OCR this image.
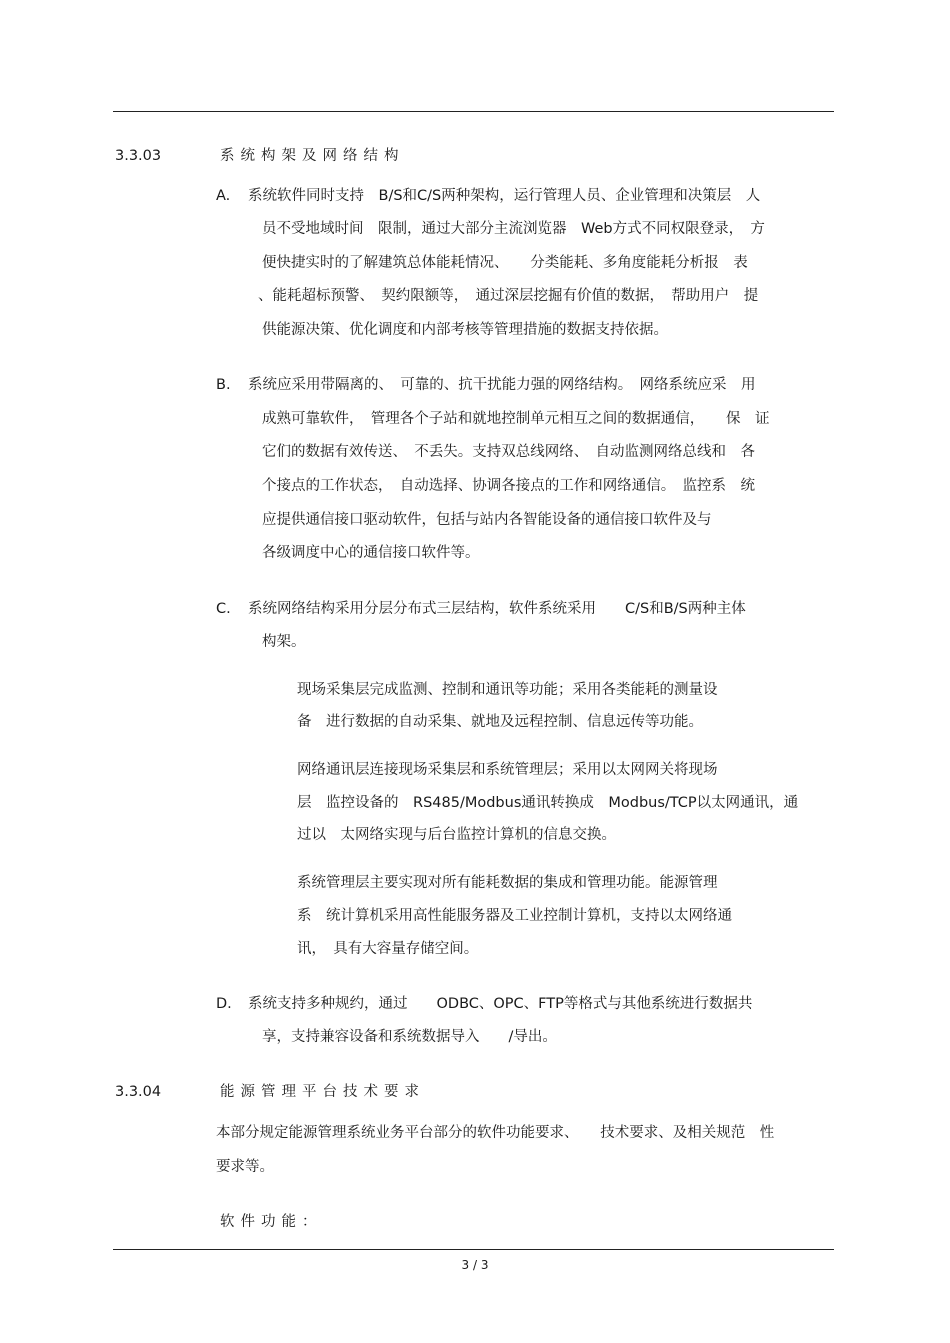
3.3.03	系统构架及网络结构
A. 系统软件同时支持　B/S和C/S两种架构，运行管理人员、企业管理和决策层　人
员不受地域时间　限制，通过大部分主流浏览器　Web方式不同权限登录，　方
便快捷实时的了解建筑总体能耗情况、　　分类能耗、多角度能耗分析报　表
、能耗超标预警、　契约限额等，　通过深层挖掘有价值的数据，　帮助用户　提
供能源决策、优化调度和内部考核等管理措施的数据支持依据。
B. 系统应采用带隔离的、　可靠的、抗干扰能力强的网络结构。　网络系统应采　用
成熟可靠软件，　管理各个子站和就地控制单元相互之间的数据通信，　　保　证
它们的数据有效传送、　不丢失。支持双总线网络、　自动监测网络总线和　各
个接点的工作状态，　自动选择、协调各接点的工作和网络通信。　监控系　统
应提供通信接口驱动软件，包括与站内各智能设备的通信接口软件及与
各级调度中心的通信接口软件等。
C. 系统网络结构采用分层分布式三层结构，软件系统采用　　C/S和B/S两种主体
构架。
现场采集层完成监测、控制和通讯等功能；采用各类能耗的测量设
备　进行数据的自动采集、就地及远程控制、信息远传等功能。
网络通讯层连接现场采集层和系统管理层；采用以太网网关将现场
层　监控设备的　RS485/Modbus通讯转换成　Modbus/TCP以太网通讯，通
过以　太网络实现与后台监控计算机的信息交换。
系统管理层主要实现对所有能耗数据的集成和管理功能。能源管理
系　统计算机采用高性能服务器及工业控制计算机，支持以太网络通
讯，　具有大容量存储空间。
D. 系统支持多种规约，通过　　ODBC、OPC、FTP等格式与其他系统进行数据共
享，支持兼容设备和系统数据导入　　/导出。
3.3.04	能源管理平台技术要求
本部分规定能源管理系统业务平台部分的软件功能要求、　　技术要求、及相关规范　性
要求等。
软件功能：
3 / 3
